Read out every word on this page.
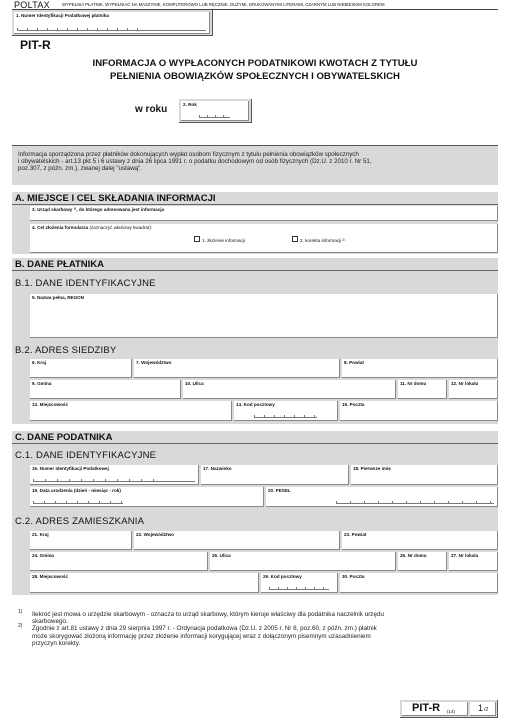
POLTAX	WYPEŁNIA PŁATNIK. WYPEŁNIAĆ NA MASZYNIE, KOMPUTEROWO LUB RĘCZNIE, DUŻYMI, DRUKOWANYMI LITERAMI, CZARNYM LUB NIEBIESKIM KOLOREM
1. Numer Identyfikacji Podatkowej płatnika
PIT-R
INFORMACJA O WYPŁACONYCH PODATNIKOWI KWOTACH Z TYTUŁU
PEŁNIENIA OBOWIĄZKÓW SPOŁECZNYCH I OBYWATELSKICH
w roku	2. Rok
Informacja sporządzona przez płatników dokonujących wypłat osobom fizycznym z tytułu pełnienia obowiązków społecznych
i obywatelskich - art.13 pkt 5 i 6 ustawy z dnia 26 lipca 1991 r. o podatku dochodowym od osób fizycznych (Dz.U. z 2010 r. Nr 51,
poz.307, z późn. zm.), zwanej dalej "ustawą".
A. MIEJSCE I CEL SKŁADANIA INFORMACJI
3. Urząd skarbowy ¹⁾, do którego adresowana jest informacja
4. Cel złożenia formularza (zaznaczyć właściwy kwadrat):
1. złożenie informacji	2. korekta informacji ²⁾
B. DANE PŁATNIKA
B.1. DANE IDENTYFIKACYJNE
5. Nazwa pełna, REGON
B.2. ADRES SIEDZIBY
6. Kraj	7. Województwo	8. Powiat
9. Gmina	10. Ulica	11. Nr domu	12. Nr lokalu
13. Miejscowość	14. Kod pocztowy	15. Poczta
C. DANE PODATNIKA
C.1. DANE IDENTYFIKACYJNE
16. Numer Identyfikacji Podatkowej	17. Nazwisko	18. Pierwsze imię
19. Data urodzenia (dzień - miesiąc - rok)	20. PESEL
C.2. ADRES ZAMIESZKANIA
21. Kraj	22. Województwo	23. Powiat
24. Gmina	25. Ulica	26. Nr domu	27. Nr lokalu
28. Miejscowość	29. Kod pocztowy	30. Poczta
1) Ilekroć jest mowa o urzędzie skarbowym - oznacza to urząd skarbowy, którym kieruje właściwy dla podatnika naczelnik urzędu
skarbowego.
2) Zgodnie z art.81 ustawy z dnia 29 sierpnia 1997 r. - Ordynacja podatkowa (Dz.U. z 2005 r. Nr 8, poz.60, z późn. zm.) płatnik
może skorygować złożoną informację przez złożenie informacji korygującej wraz z dołączonym pisemnym uzasadnieniem
przyczyn korekty.
PIT-R (14)	1 /2
